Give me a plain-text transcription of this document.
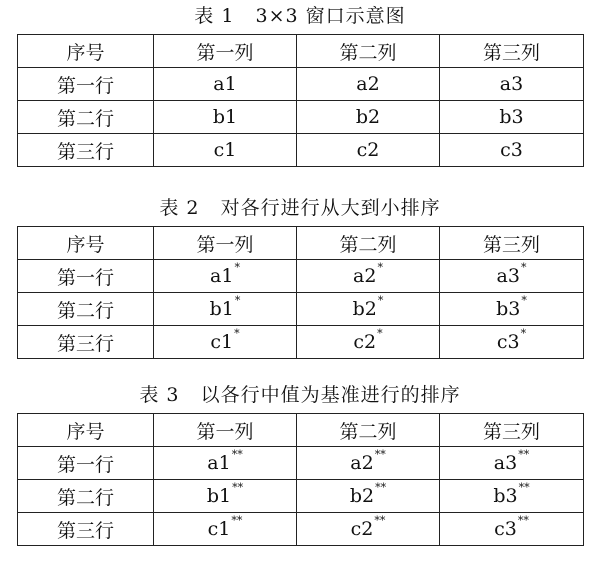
表 1   3×3 窗口示意图
序号	第一列	第二列	第三列
第一行	a1	a2	a3
第二行	b1	b2	b3
第三行	c1	c2	c3
表 2   对各行进行从大到小排序
序号	第一列	第二列	第三列
第一行	a1*	a2*	a3*
第二行	b1*	b2*	b3*
第三行	c1*	c2*	c3*
表 3   以各行中值为基准进行的排序
序号	第一列	第二列	第三列
第一行	a1**	a2**	a3**
第二行	b1**	b2**	b3**
第三行	c1**	c2**	c3**
